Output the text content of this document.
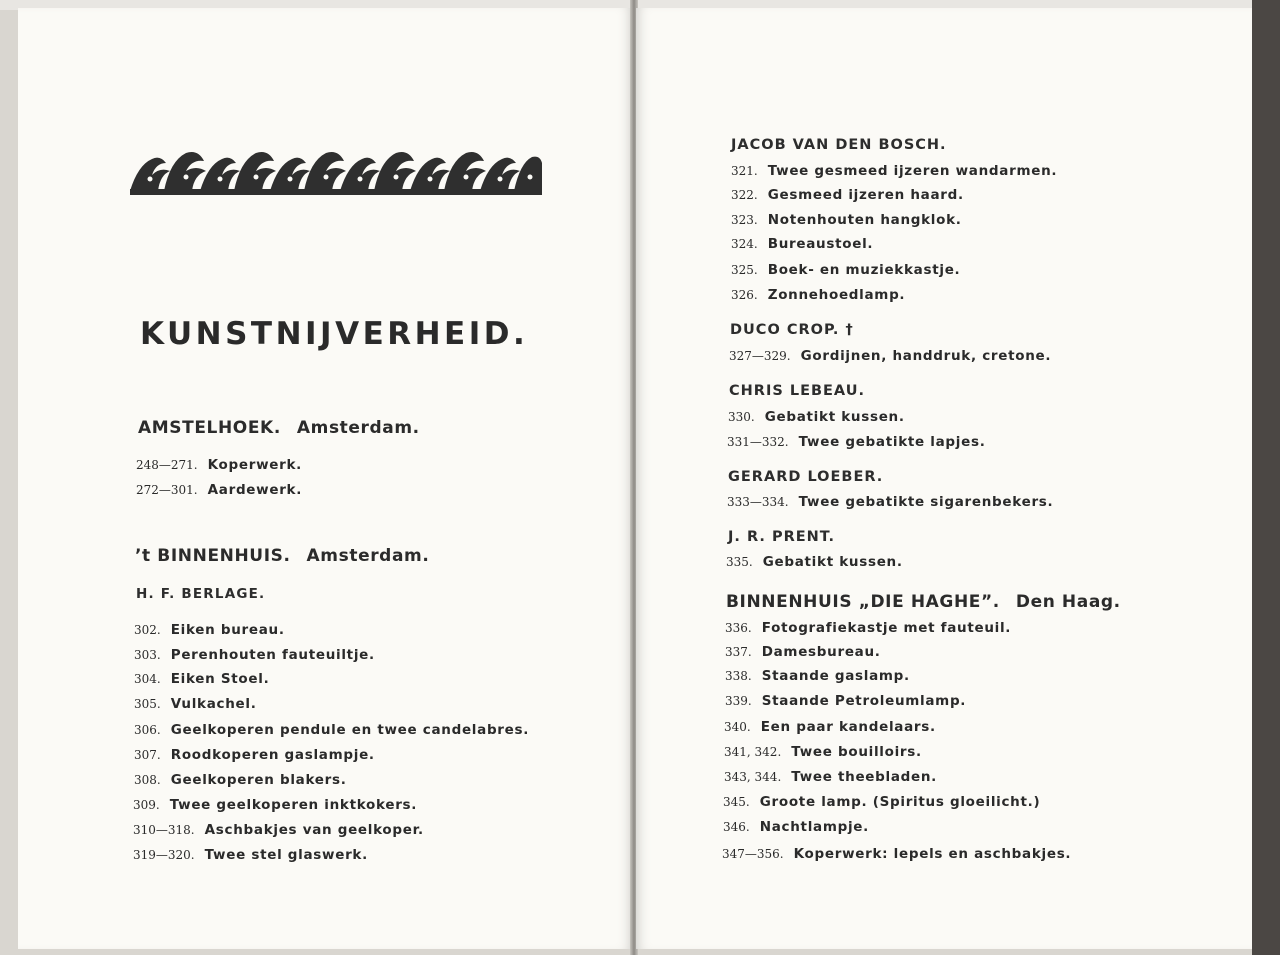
KUNSTNIJVERHEID.
AMSTELHOEK. Amsterdam.
248—271. Koperwerk.
272—301. Aardewerk.
’t BINNENHUIS. Amsterdam.
H. F. BERLAGE.
302. Eiken bureau.
303. Perenhouten fauteuiltje.
304. Eiken Stoel.
305. Vulkachel.
306. Geelkoperen pendule en twee candelabres.
307. Roodkoperen gaslampje.
308. Geelkoperen blakers.
309. Twee geelkoperen inktkokers.
310—318. Aschbakjes van geelkoper.
319—320. Twee stel glaswerk.
JACOB VAN DEN BOSCH.
321. Twee gesmeed ijzeren wandarmen.
322. Gesmeed ijzeren haard.
323. Notenhouten hangklok.
324. Bureaustoel.
325. Boek- en muziekkastje.
326. Zonnehoedlamp.
DUCO CROP. †
327—329. Gordijnen, handdruk, cretone.
CHRIS LEBEAU.
330. Gebatikt kussen.
331—332. Twee gebatikte lapjes.
GERARD LOEBER.
333—334. Twee gebatikte sigarenbekers.
J. R. PRENT.
335. Gebatikt kussen.
BINNENHUIS „DIE HAGHE”. Den Haag.
336. Fotografiekastje met fauteuil.
337. Damesbureau.
338. Staande gaslamp.
339. Staande Petroleumlamp.
340. Een paar kandelaars.
341, 342. Twee bouilloirs.
343, 344. Twee theebladen.
345. Groote lamp. (Spiritus gloeilicht.)
346. Nachtlampje.
347—356. Koperwerk: lepels en aschbakjes.
